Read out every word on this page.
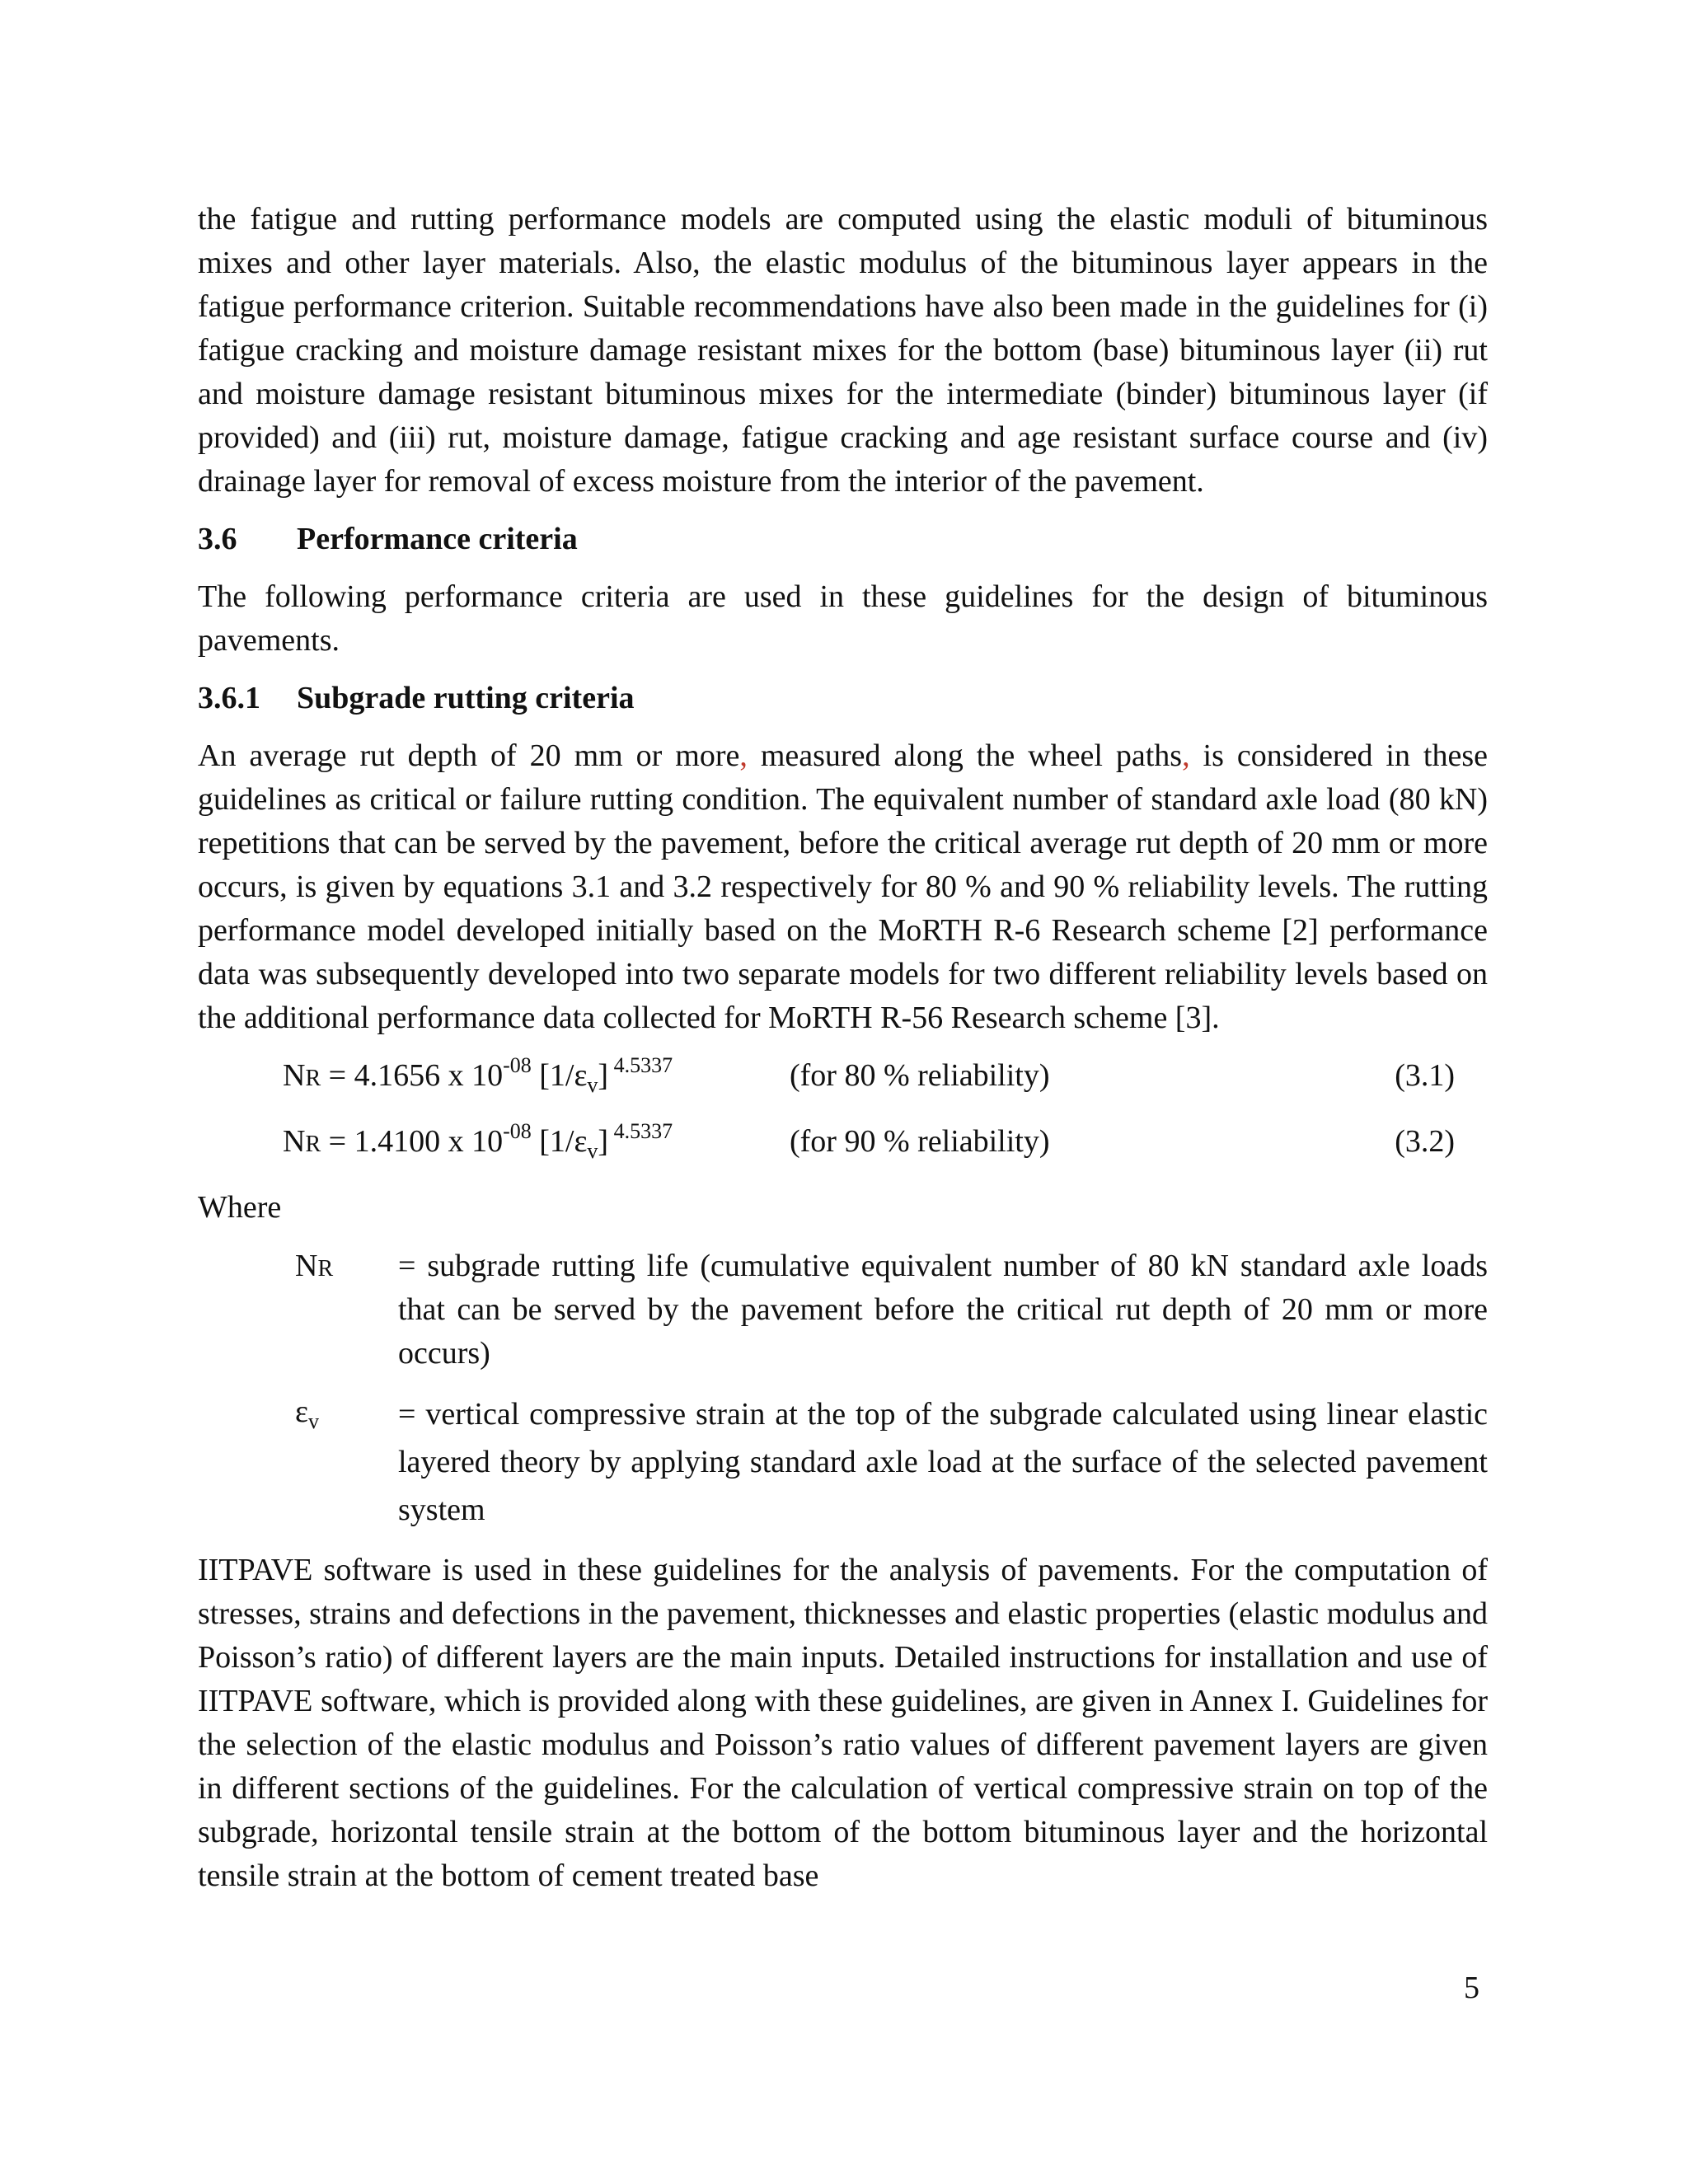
the fatigue and rutting performance models are computed using the elastic moduli of bituminous mixes and other layer materials. Also, the elastic modulus of the bituminous layer appears in the fatigue performance criterion. Suitable recommendations have also been made in the guidelines for (i) fatigue cracking and moisture damage resistant mixes for the bottom (base) bituminous layer (ii) rut and moisture damage resistant bituminous mixes for the intermediate (binder) bituminous layer (if provided) and (iii) rut, moisture damage, fatigue cracking and age resistant surface course and (iv) drainage layer for removal of excess moisture from the interior of the pavement.

3.6	Performance criteria

The following performance criteria are used in these guidelines for the design of bituminous pavements.

3.6.1	Subgrade rutting criteria

An average rut depth of 20 mm or more, measured along the wheel paths, is considered in these guidelines as critical or failure rutting condition. The equivalent number of standard axle load (80 kN) repetitions that can be served by the pavement, before the critical average rut depth of 20 mm or more occurs, is given by equations 3.1 and 3.2 respectively for 80 % and 90 % reliability levels. The rutting performance model developed initially based on the MoRTH R-6 Research scheme [2] performance data was subsequently developed into two separate models for two different reliability levels based on the additional performance data collected for MoRTH R-56 Research scheme [3].

NR = 4.1656 x $10^{-08}$ $[1/\varepsilon_v]$ $^{4.5337}$	(for 80 % reliability)	(3.1)
NR = 1.4100 x $10^{-08}$ $[1/\varepsilon_v]$ $^{4.5337}$	(for 90 % reliability)	(3.2)

Where

NR	= subgrade rutting life (cumulative equivalent number of 80 kN standard axle loads that can be served by the pavement before the critical rut depth of 20 mm or more occurs)
$\varepsilon_v$	= vertical compressive strain at the top of the subgrade calculated using linear elastic layered theory by applying standard axle load at the surface of the selected pavement system

IITPAVE software is used in these guidelines for the analysis of pavements. For the computation of stresses, strains and defections in the pavement, thicknesses and elastic properties (elastic modulus and Poisson’s ratio) of different layers are the main inputs. Detailed instructions for installation and use of IITPAVE software, which is provided along with these guidelines, are given in Annex I. Guidelines for the selection of the elastic modulus and Poisson’s ratio values of different pavement layers are given in different sections of the guidelines. For the calculation of vertical compressive strain on top of the subgrade, horizontal tensile strain at the bottom of the bottom bituminous layer and the horizontal tensile strain at the bottom of cement treated base

5
